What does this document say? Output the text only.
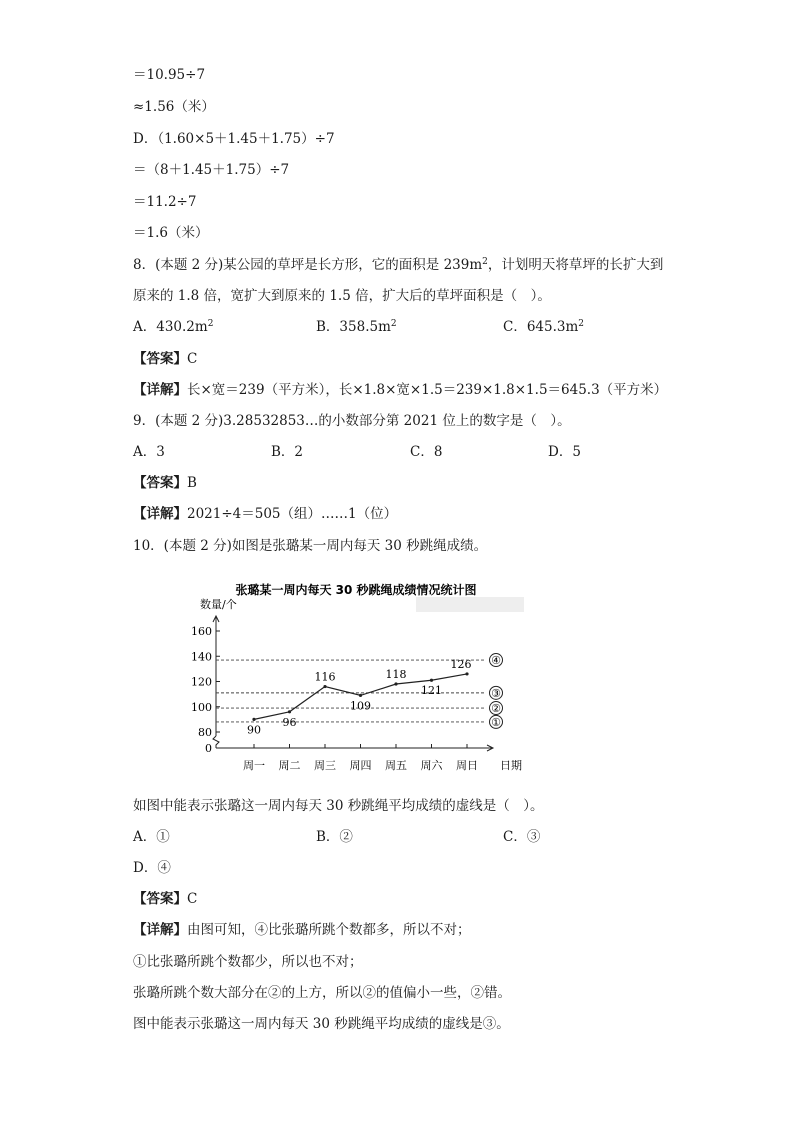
＝10.95÷7
≈1.56（米）
D．（1.60×5＋1.45＋1.75）÷7
＝（8＋1.45＋1.75）÷7
＝11.2÷7
＝1.6（米）
8．(本题 2 分)某公园的草坪是长方形，它的面积是 $239m^2$，计划明天将草坪的长扩大到
原来的 1.8 倍，宽扩大到原来的 1.5 倍，扩大后的草坪面积是（　）。
A．$430.2m^2$	B．$358.5m^2$	C．$645.3m^2$
【答案】C
【详解】长×宽＝239（平方米），长×1.8×宽×1.5＝239×1.8×1.5＝645.3（平方米）
9．(本题 2 分)3.28532853…的小数部分第 2021 位上的数字是（　）。
A．3	B．2	C．8	D．5
【答案】B
【详解】2021÷4＝505（组）……1（位）
10．(本题 2 分)如图是张璐某一周内每天 30 秒跳绳成绩。
张璐某一周内每天 30 秒跳绳成绩情况统计图
数量/个
①
②
③
④
0
80
100
120
140
160
周一 周二 周三 周四 周五 周六 周日
90
96
116
109
118
121
126
日期
如图中能表示张璐这一周内每天 30 秒跳绳平均成绩的虚线是（　）。
A．①	B．②	C．③
D．④
【答案】C
【详解】由图可知，④比张璐所跳个数都多，所以不对；
①比张璐所跳个数都少，所以也不对；
张璐所跳个数大部分在②的上方，所以②的值偏小一些，②错。
图中能表示张璐这一周内每天 30 秒跳绳平均成绩的虚线是③。
